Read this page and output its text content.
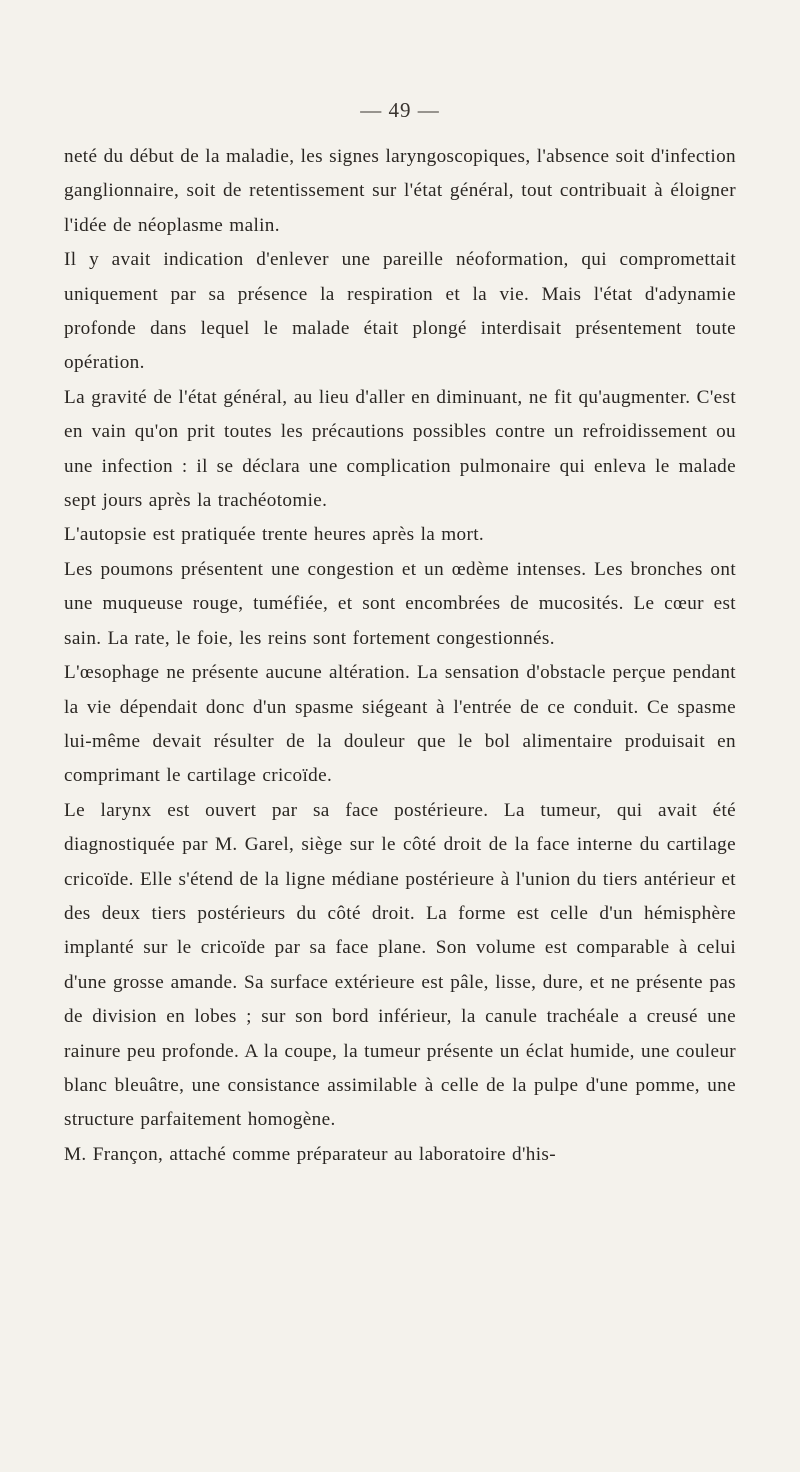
— 49 —

neté du début de la maladie, les signes laryngoscopiques, l'absence soit d'infection ganglionnaire, soit de retentissement sur l'état général, tout contribuait à éloigner l'idée de néoplasme malin.

Il y avait indication d'enlever une pareille néoformation, qui compromettait uniquement par sa présence la respiration et la vie. Mais l'état d'adynamie profonde dans lequel le malade était plongé interdisait présentement toute opération.

La gravité de l'état général, au lieu d'aller en diminuant, ne fit qu'augmenter. C'est en vain qu'on prit toutes les précautions possibles contre un refroidissement ou une infection : il se déclara une complication pulmonaire qui enleva le malade sept jours après la trachéotomie.

L'autopsie est pratiquée trente heures après la mort.

Les poumons présentent une congestion et un œdème intenses. Les bronches ont une muqueuse rouge, tuméfiée, et sont encombrées de mucosités. Le cœur est sain. La rate, le foie, les reins sont fortement congestionnés.

L'œsophage ne présente aucune altération. La sensation d'obstacle perçue pendant la vie dépendait donc d'un spasme siégeant à l'entrée de ce conduit. Ce spasme lui-même devait résulter de la douleur que le bol alimentaire produisait en comprimant le cartilage cricoïde.

Le larynx est ouvert par sa face postérieure. La tumeur, qui avait été diagnostiquée par M. Garel, siège sur le côté droit de la face interne du cartilage cricoïde. Elle s'étend de la ligne médiane postérieure à l'union du tiers antérieur et des deux tiers postérieurs du côté droit. La forme est celle d'un hémisphère implanté sur le cricoïde par sa face plane. Son volume est comparable à celui d'une grosse amande. Sa surface extérieure est pâle, lisse, dure, et ne présente pas de division en lobes ; sur son bord inférieur, la canule trachéale a creusé une rainure peu profonde. A la coupe, la tumeur présente un éclat humide, une couleur blanc bleuâtre, une consistance assimilable à celle de la pulpe d'une pomme, une structure parfaitement homogène.

M. Françon, attaché comme préparateur au laboratoire d'his-
